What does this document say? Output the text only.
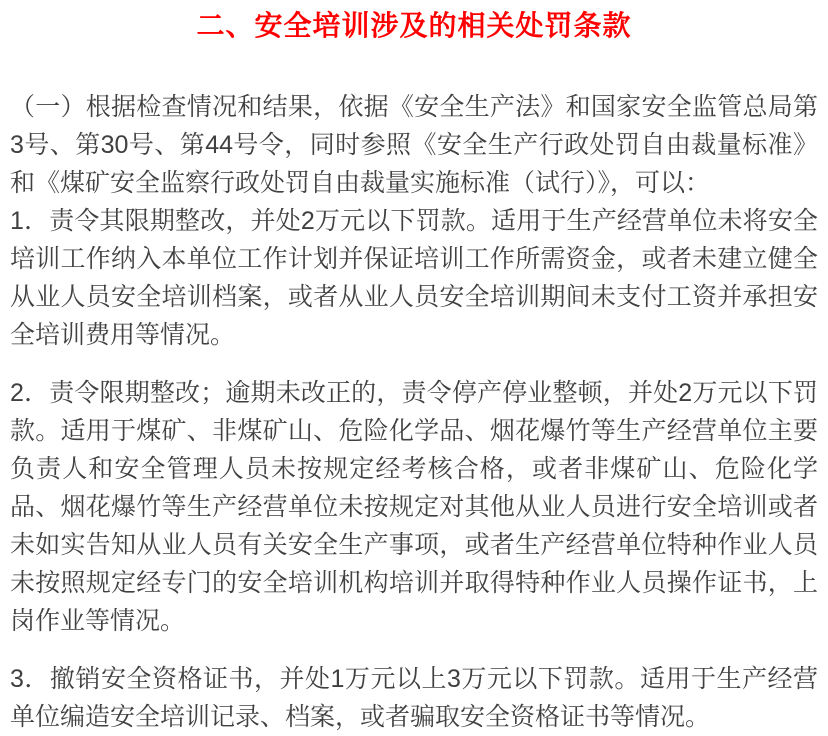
二、安全培训涉及的相关处罚条款

（一）根据检查情况和结果，依据《安全生产法》和国家安全监管总局第3号、第30号、第44号令，同时参照《安全生产行政处罚自由裁量标准》和《煤矿安全监察行政处罚自由裁量实施标准（试行）》，可以：

1．责令其限期整改，并处2万元以下罚款。适用于生产经营单位未将安全培训工作纳入本单位工作计划并保证培训工作所需资金，或者未建立健全从业人员安全培训档案，或者从业人员安全培训期间未支付工资并承担安全培训费用等情况。

2．责令限期整改；逾期未改正的，责令停产停业整顿，并处2万元以下罚款。适用于煤矿、非煤矿山、危险化学品、烟花爆竹等生产经营单位主要负责人和安全管理人员未按规定经考核合格，或者非煤矿山、危险化学品、烟花爆竹等生产经营单位未按规定对其他从业人员进行安全培训或者未如实告知从业人员有关安全生产事项，或者生产经营单位特种作业人员未按照规定经专门的安全培训机构培训并取得特种作业人员操作证书，上岗作业等情况。

3．撤销安全资格证书，并处1万元以上3万元以下罚款。适用于生产经营单位编造安全培训记录、档案，或者骗取安全资格证书等情况。
